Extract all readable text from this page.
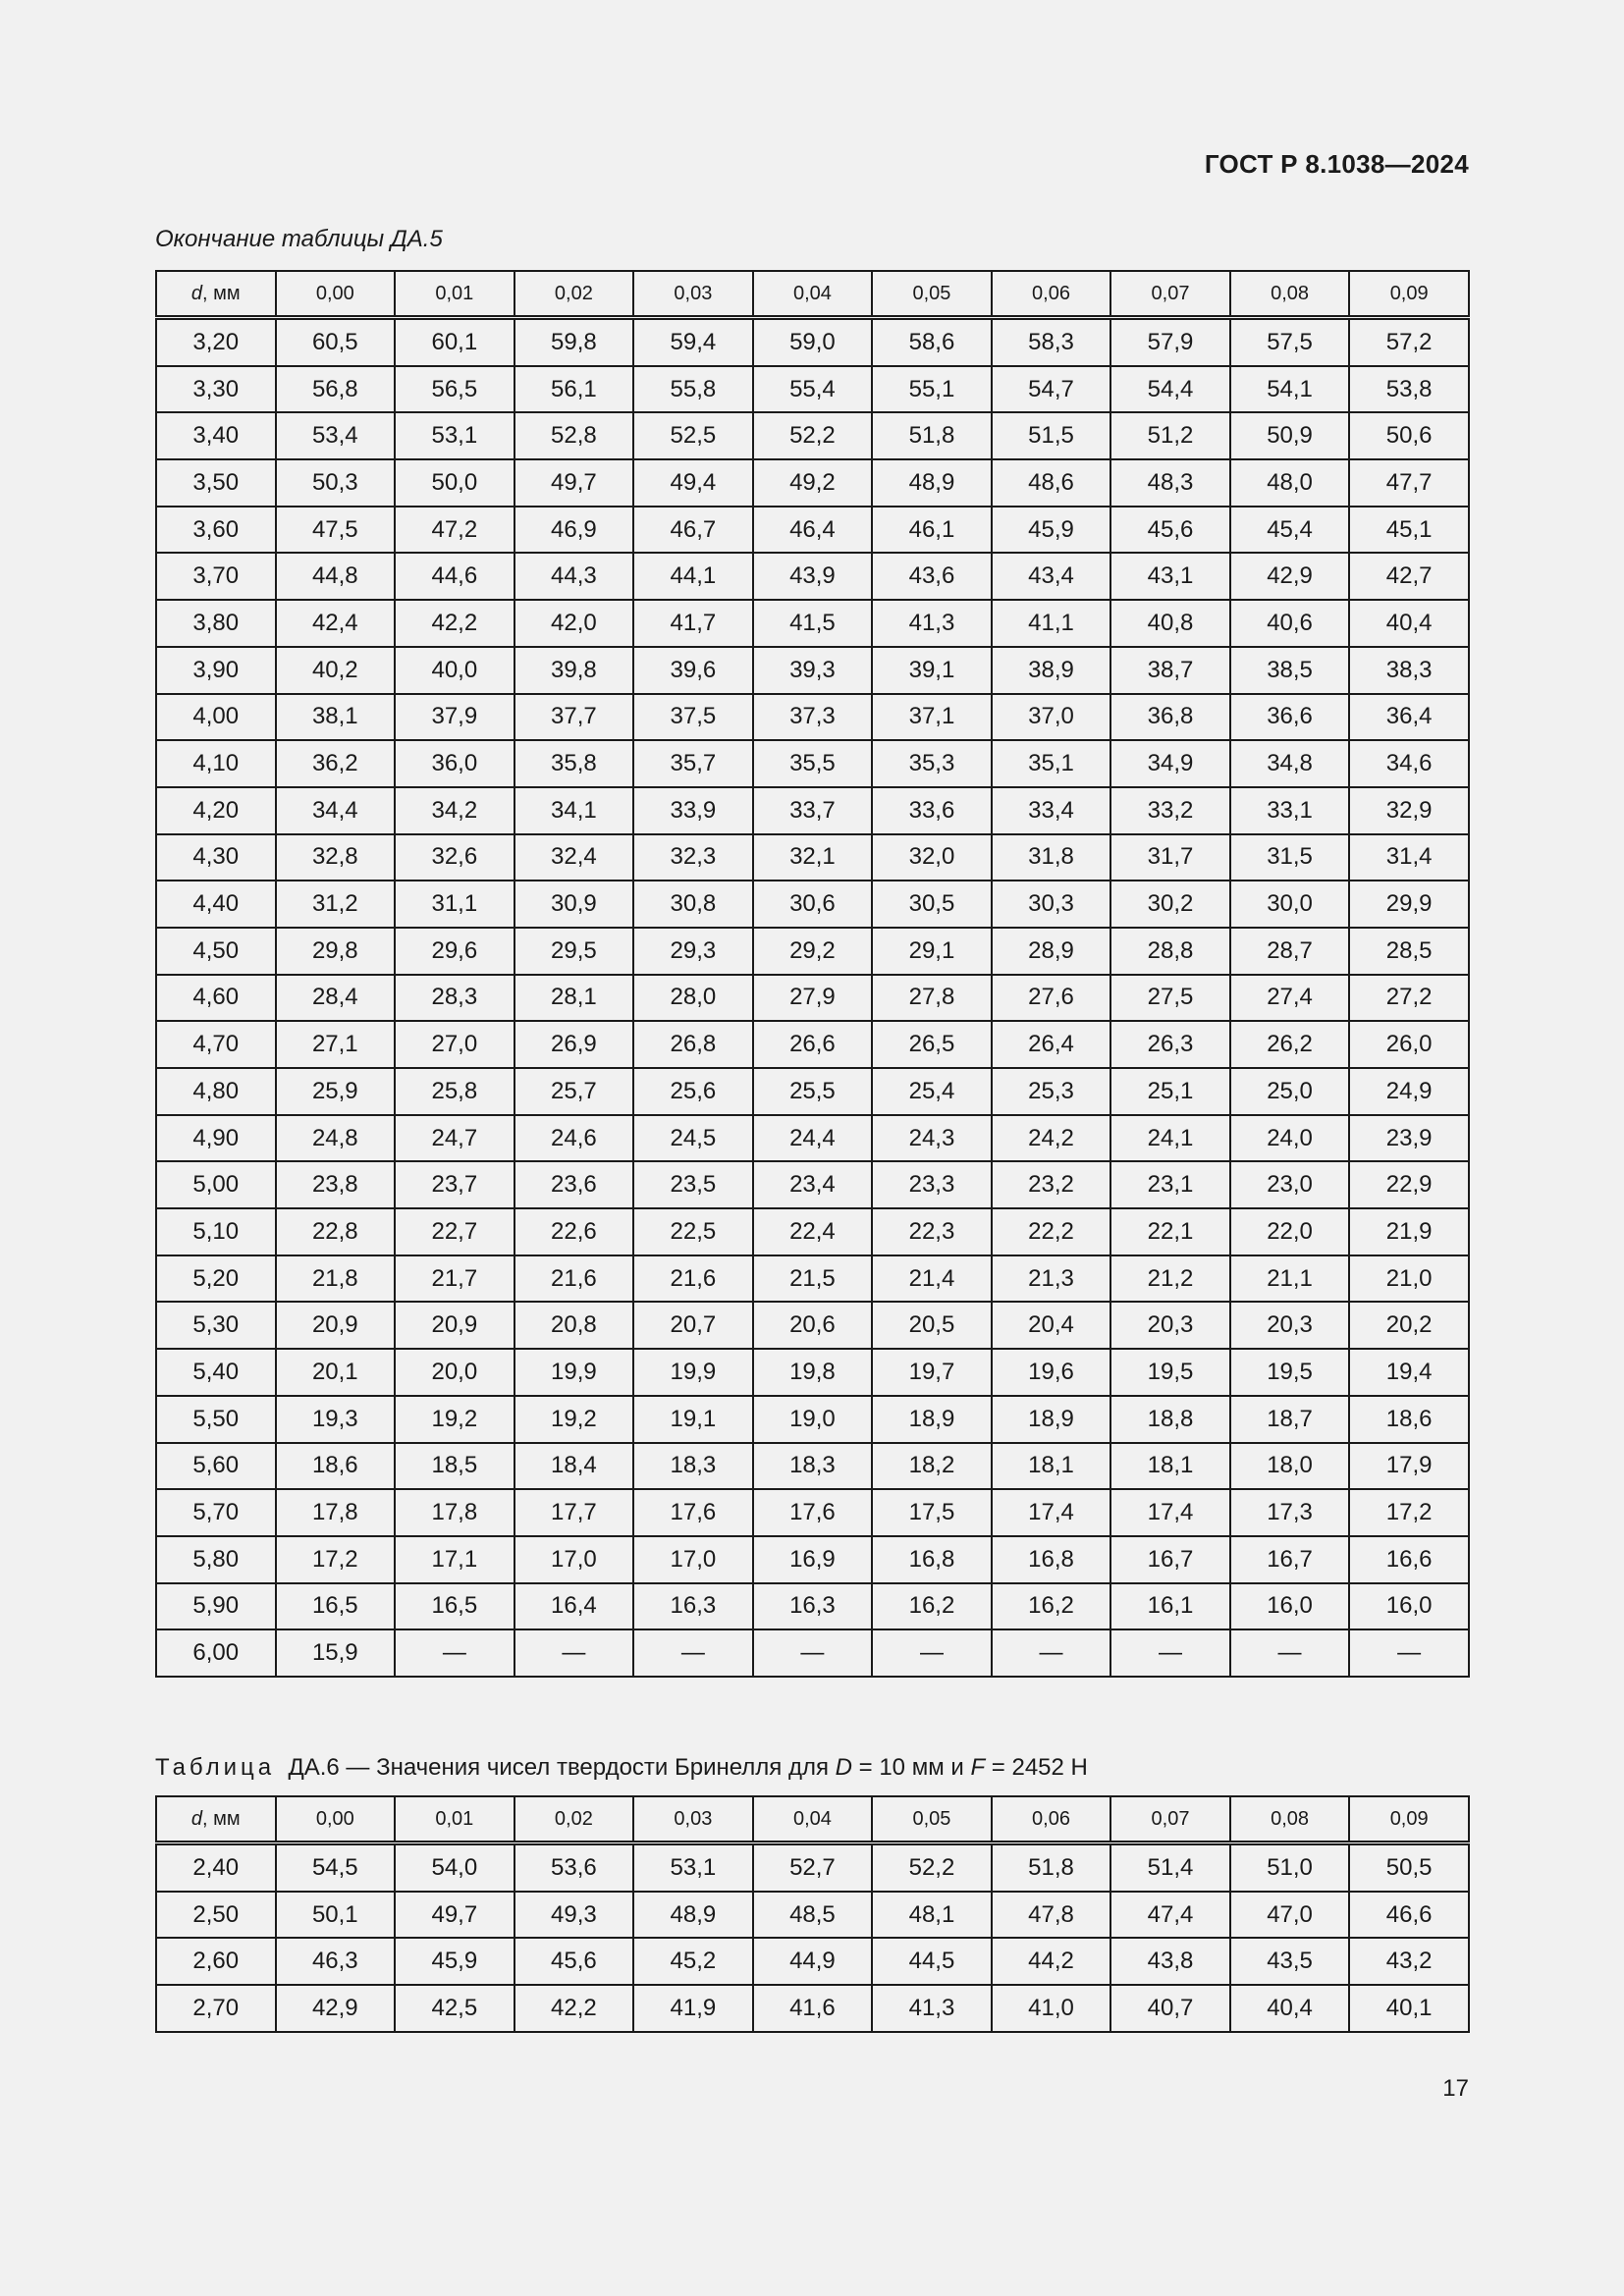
ГОСТ Р 8.1038—2024
Окончание таблицы ДА.5
d, мм	0,00	0,01	0,02	0,03	0,04	0,05	0,06	0,07	0,08	0,09
3,20	60,5	60,1	59,8	59,4	59,0	58,6	58,3	57,9	57,5	57,2
3,30	56,8	56,5	56,1	55,8	55,4	55,1	54,7	54,4	54,1	53,8
3,40	53,4	53,1	52,8	52,5	52,2	51,8	51,5	51,2	50,9	50,6
3,50	50,3	50,0	49,7	49,4	49,2	48,9	48,6	48,3	48,0	47,7
3,60	47,5	47,2	46,9	46,7	46,4	46,1	45,9	45,6	45,4	45,1
3,70	44,8	44,6	44,3	44,1	43,9	43,6	43,4	43,1	42,9	42,7
3,80	42,4	42,2	42,0	41,7	41,5	41,3	41,1	40,8	40,6	40,4
3,90	40,2	40,0	39,8	39,6	39,3	39,1	38,9	38,7	38,5	38,3
4,00	38,1	37,9	37,7	37,5	37,3	37,1	37,0	36,8	36,6	36,4
4,10	36,2	36,0	35,8	35,7	35,5	35,3	35,1	34,9	34,8	34,6
4,20	34,4	34,2	34,1	33,9	33,7	33,6	33,4	33,2	33,1	32,9
4,30	32,8	32,6	32,4	32,3	32,1	32,0	31,8	31,7	31,5	31,4
4,40	31,2	31,1	30,9	30,8	30,6	30,5	30,3	30,2	30,0	29,9
4,50	29,8	29,6	29,5	29,3	29,2	29,1	28,9	28,8	28,7	28,5
4,60	28,4	28,3	28,1	28,0	27,9	27,8	27,6	27,5	27,4	27,2
4,70	27,1	27,0	26,9	26,8	26,6	26,5	26,4	26,3	26,2	26,0
4,80	25,9	25,8	25,7	25,6	25,5	25,4	25,3	25,1	25,0	24,9
4,90	24,8	24,7	24,6	24,5	24,4	24,3	24,2	24,1	24,0	23,9
5,00	23,8	23,7	23,6	23,5	23,4	23,3	23,2	23,1	23,0	22,9
5,10	22,8	22,7	22,6	22,5	22,4	22,3	22,2	22,1	22,0	21,9
5,20	21,8	21,7	21,6	21,6	21,5	21,4	21,3	21,2	21,1	21,0
5,30	20,9	20,9	20,8	20,7	20,6	20,5	20,4	20,3	20,3	20,2
5,40	20,1	20,0	19,9	19,9	19,8	19,7	19,6	19,5	19,5	19,4
5,50	19,3	19,2	19,2	19,1	19,0	18,9	18,9	18,8	18,7	18,6
5,60	18,6	18,5	18,4	18,3	18,3	18,2	18,1	18,1	18,0	17,9
5,70	17,8	17,8	17,7	17,6	17,6	17,5	17,4	17,4	17,3	17,2
5,80	17,2	17,1	17,0	17,0	16,9	16,8	16,8	16,7	16,7	16,6
5,90	16,5	16,5	16,4	16,3	16,3	16,2	16,2	16,1	16,0	16,0
6,00	15,9	—	—	—	—	—	—	—	—	—
Таблица ДА.6 — Значения чисел твердости Бринелля для D = 10 мм и F = 2452 Н
d, мм	0,00	0,01	0,02	0,03	0,04	0,05	0,06	0,07	0,08	0,09
2,40	54,5	54,0	53,6	53,1	52,7	52,2	51,8	51,4	51,0	50,5
2,50	50,1	49,7	49,3	48,9	48,5	48,1	47,8	47,4	47,0	46,6
2,60	46,3	45,9	45,6	45,2	44,9	44,5	44,2	43,8	43,5	43,2
2,70	42,9	42,5	42,2	41,9	41,6	41,3	41,0	40,7	40,4	40,1
17
